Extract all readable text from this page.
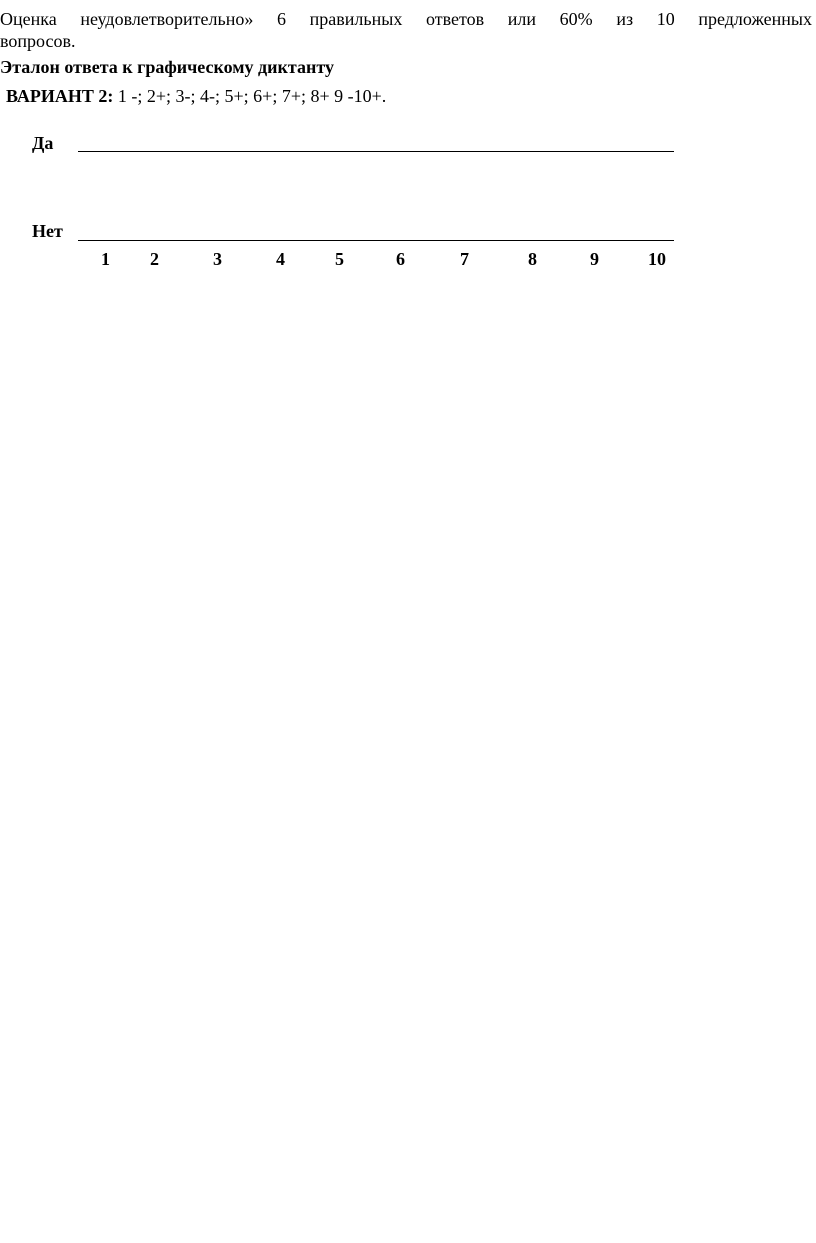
Оценка неудовлетворительно» 6 правильных ответов или 60% из 10 предложенных
вопросов.
Эталон ответа к графическому диктанту
ВАРИАНТ 2: 1 -; 2+; 3-; 4-; 5+; 6+; 7+; 8+ 9 -10+.
Да
Нет
1 2	3	4	5	6	7	8	9	10
